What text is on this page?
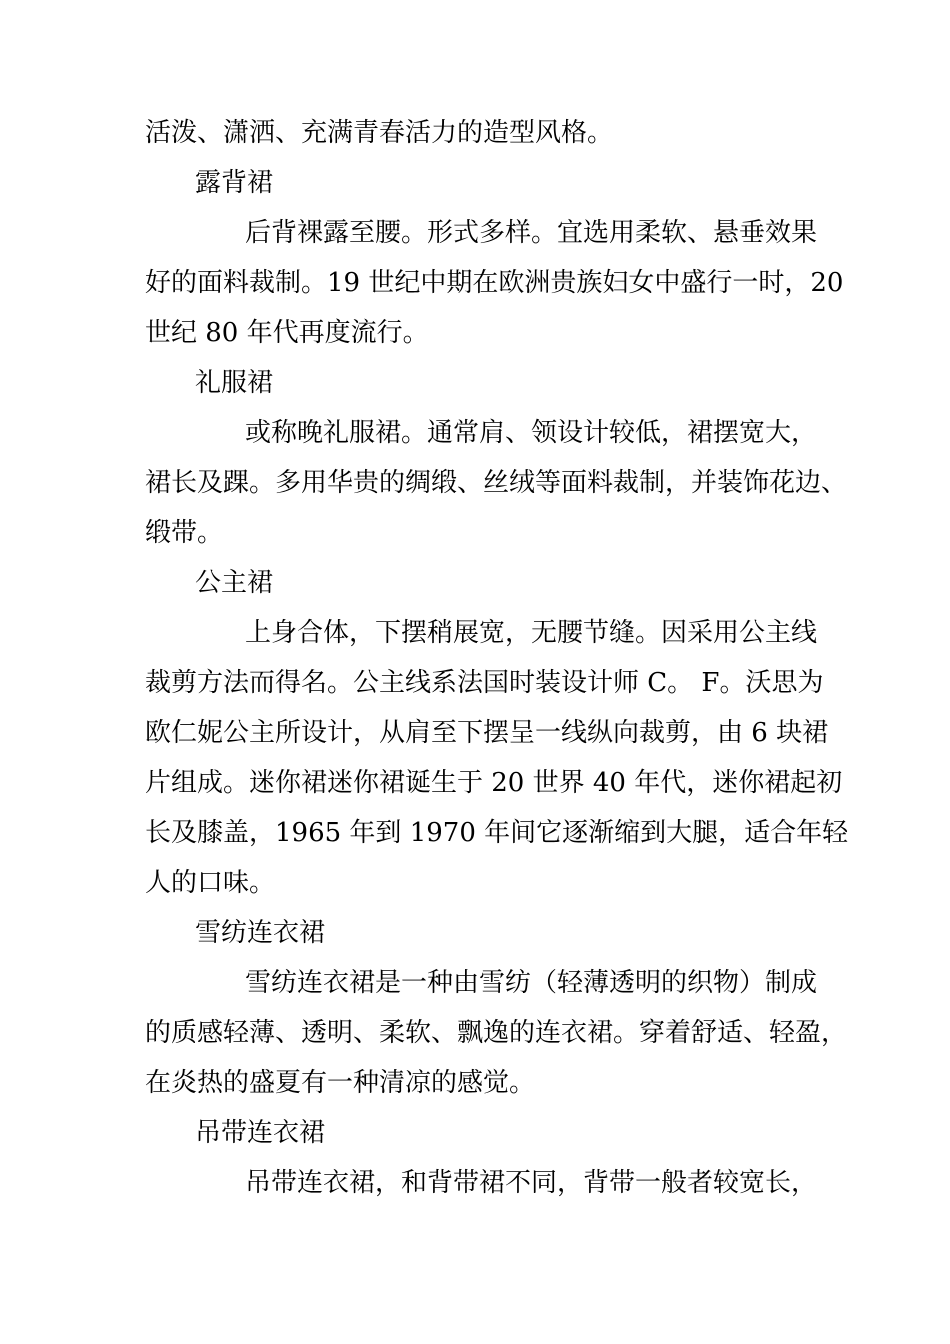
活泼、潇洒、充满青春活力的造型风格。
露背裙
后背裸露至腰。形式多样。宜选用柔软、悬垂效果
好的面料裁制。19 世纪中期在欧洲贵族妇女中盛行一时，20
世纪 80 年代再度流行。
礼服裙
或称晚礼服裙。通常肩、领设计较低，裙摆宽大，
裙长及踝。多用华贵的绸缎、丝绒等面料裁制，并装饰花边、
缎带。
公主裙
上身合体，下摆稍展宽，无腰节缝。因采用公主线
裁剪方法而得名。公主线系法国时装设计师 C。 F。沃思为
欧仁妮公主所设计，从肩至下摆呈一线纵向裁剪，由 6 块裙
片组成。迷你裙迷你裙诞生于 20 世界 40 年代，迷你裙起初
长及膝盖，1965 年到 1970 年间它逐渐缩到大腿，适合年轻
人的口味。
雪纺连衣裙
雪纺连衣裙是一种由雪纺（轻薄透明的织物）制成
的质感轻薄、透明、柔软、飘逸的连衣裙。穿着舒适、轻盈，
在炎热的盛夏有一种清凉的感觉。
吊带连衣裙
吊带连衣裙，和背带裙不同，背带一般者较宽长，
